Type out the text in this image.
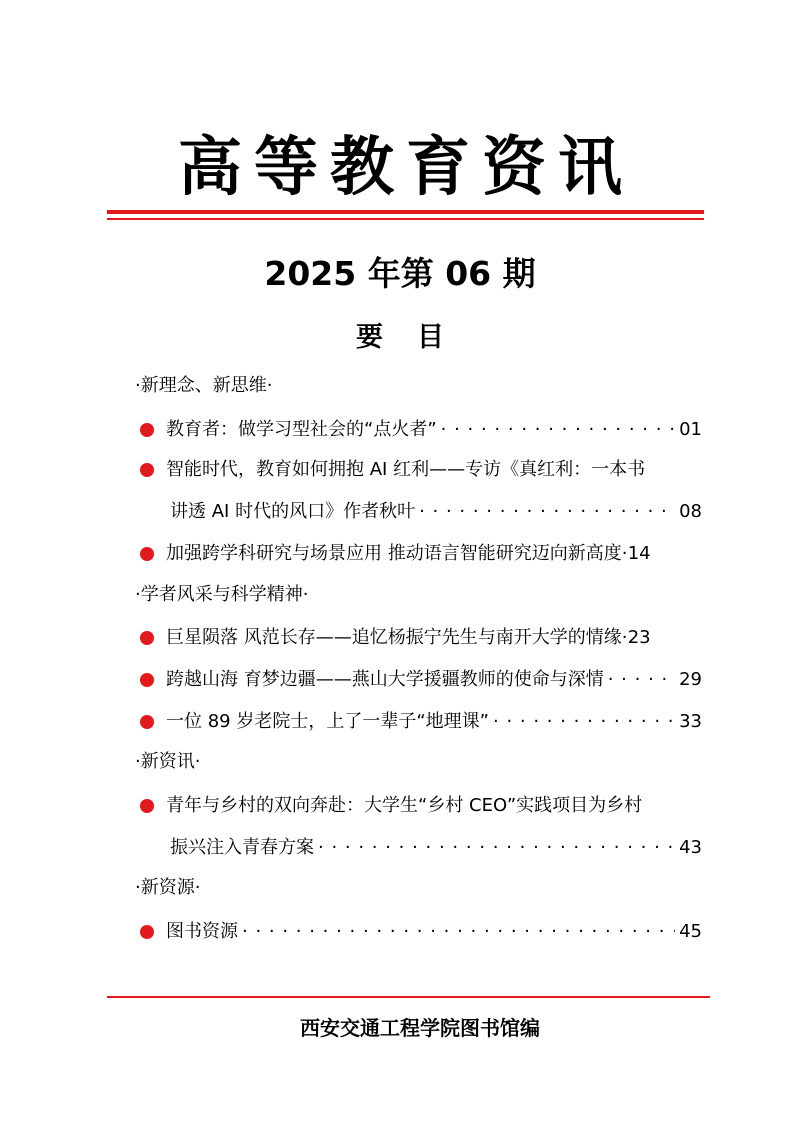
高等教育资讯
2025 年第 06 期
要目
·新理念、新思维·
教育者：做学习型社会的“点火者” · · ·	01
智能时代，教育如何拥抱 AI 红利——专访《真红利：一本书
讲透 AI 时代的风口》作者秋叶 · · ·	08
加强跨学科研究与场景应用 推动语言智能研究迈向新高度 · · · 14
·学者风采与科学精神·
巨星陨落 风范长存——追忆杨振宁先生与南开大学的情缘 · · · 23
跨越山海 育梦边疆——燕山大学援疆教师的使命与深情 · · ·	29
一位 89 岁老院士，上了一辈子“地理课” · · ·	33
·新资讯·
青年与乡村的双向奔赴：大学生“乡村 CEO”实践项目为乡村
振兴注入青春方案 · · ·	43
·新资源·
图书资源 · · ·	45
西安交通工程学院图书馆编
